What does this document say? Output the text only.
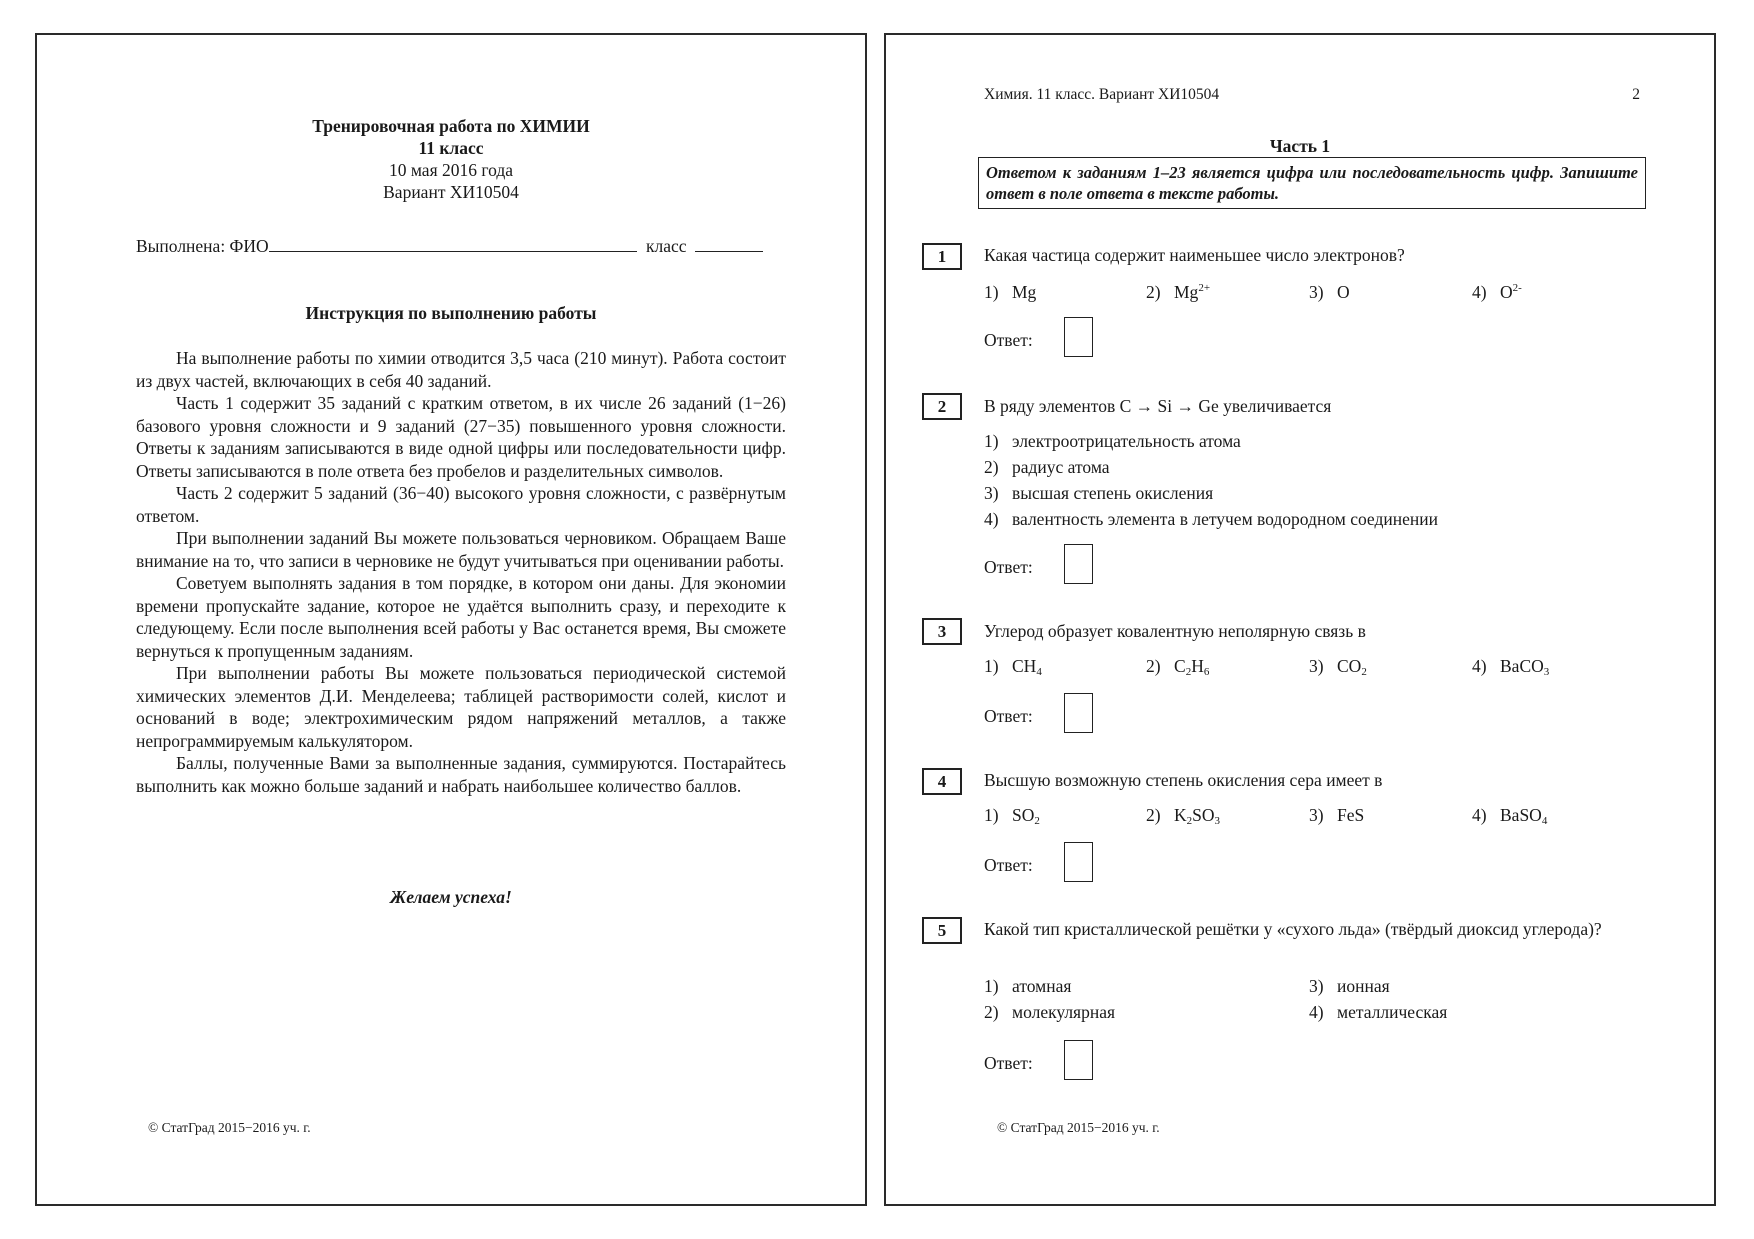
Тренировочная работа по ХИМИИ
11 класс
10 мая 2016 года
Вариант ХИ10504
Выполнена: ФИО	класс
Инструкция по выполнению работы

На выполнение работы по химии отводится 3,5 часа (210 минут). Работа состоит из двух частей, включающих в себя 40 заданий.

Часть 1 содержит 35 заданий с кратким ответом, в их числе 26 заданий (1−26) базового уровня сложности и 9 заданий (27−35) повышенного уровня сложности. Ответы к заданиям записываются в виде одной цифры или последовательности цифр. Ответы записываются в поле ответа без пробелов и разделительных символов.

Часть 2 содержит 5 заданий (36−40) высокого уровня сложности, с развёрнутым ответом.

При выполнении заданий Вы можете пользоваться черновиком. Обращаем Ваше внимание на то, что записи в черновике не будут учитываться при оценивании работы.

Советуем выполнять задания в том порядке, в котором они даны. Для экономии времени пропускайте задание, которое не удаётся выполнить сразу, и переходите к следующему. Если после выполнения всей работы у Вас останется время, Вы сможете вернуться к пропущенным заданиям.

При выполнении работы Вы можете пользоваться периодической системой химических элементов Д.И. Менделеева; таблицей растворимости солей, кислот и оснований в воде; электрохимическим рядом напряжений металлов, а также непрограммируемым калькулятором.

Баллы, полученные Вами за выполненные задания, суммируются. Постарайтесь выполнить как можно больше заданий и набрать наибольшее количество баллов.

Желаем успеха!
© СтатГрад 2015−2016 уч. г.
Химия. 11 класс. Вариант ХИ10504	2
Часть 1
Ответом к заданиям 1–23 является цифра или последовательность цифр. Запишите ответ в поле ответа в тексте работы.
1	Какая частица содержит наименьшее число электронов?
1) Mg	2) $Mg^{2+}$	3) O	4) $O^{2-}$
Ответ:
2	В ряду элементов C → Si → Ge увеличивается
1) электроотрицательность атома
2) радиус атома
3) высшая степень окисления
4) валентность элемента в летучем водородном соединении
Ответ:
3	Углерод образует ковалентную неполярную связь в
1) $CH_4$	2) $C_2H_6$	3) $CO_2$	4) BaCO$_3$
Ответ:
4	Высшую возможную степень окисления сера имеет в
1) $SO_2$	2) $K_2SO_3$	3) FeS	4) BaSO$_4$
Ответ:
5	Какой тип кристаллической решётки у «сухого льда» (твёрдый диоксид углерода)?
1) атомная
2) молекулярная
3) ионная
4) металлическая
Ответ:
© СтатГрад 2015−2016 уч. г.
